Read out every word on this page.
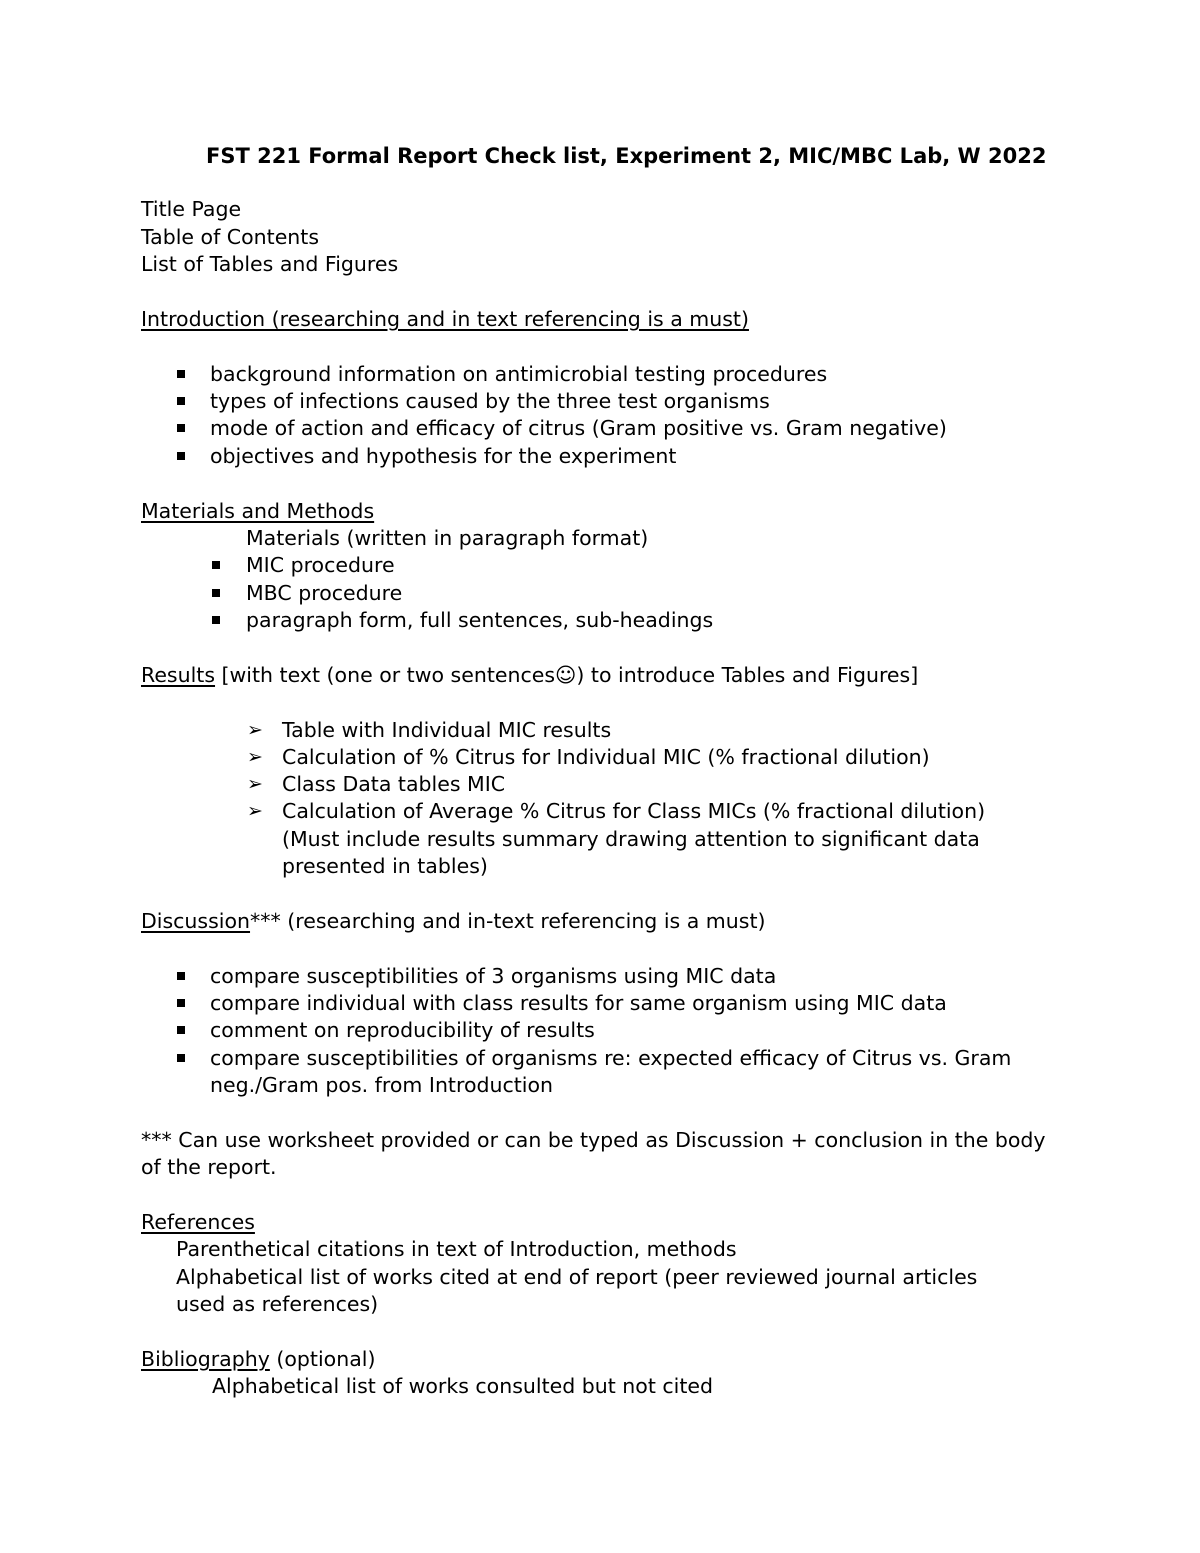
FST 221 Formal Report Check list, Experiment 2, MIC/MBC Lab, W 2022
Title Page
Table of Contents
List of Tables and Figures
Introduction (researching and in text referencing is a must)
background information on antimicrobial testing procedures
types of infections caused by the three test organisms
mode of action and efficacy of citrus (Gram positive vs. Gram negative)
objectives and hypothesis for the experiment
Materials and Methods
Materials (written in paragraph format)
MIC procedure
MBC procedure
paragraph form, full sentences, sub-headings
Results [with text (one or two sentences☺) to introduce Tables and Figures]
➢ Table with Individual MIC results
➢ Calculation of % Citrus for Individual MIC (% fractional dilution)
➢ Class Data tables MIC
➢ Calculation of Average % Citrus for Class MICs (% fractional dilution)
(Must include results summary drawing attention to significant data
presented in tables)
Discussion*** (researching and in-text referencing is a must)
compare susceptibilities of 3 organisms using MIC data
compare individual with class results for same organism using MIC data
comment on reproducibility of results
compare susceptibilities of organisms re: expected efficacy of Citrus vs. Gram
neg./Gram pos. from Introduction
*** Can use worksheet provided or can be typed as Discussion + conclusion in the body
of the report.
References
Parenthetical citations in text of Introduction, methods
Alphabetical list of works cited at end of report (peer reviewed journal articles
used as references)
Bibliography (optional)
Alphabetical list of works consulted but not cited
